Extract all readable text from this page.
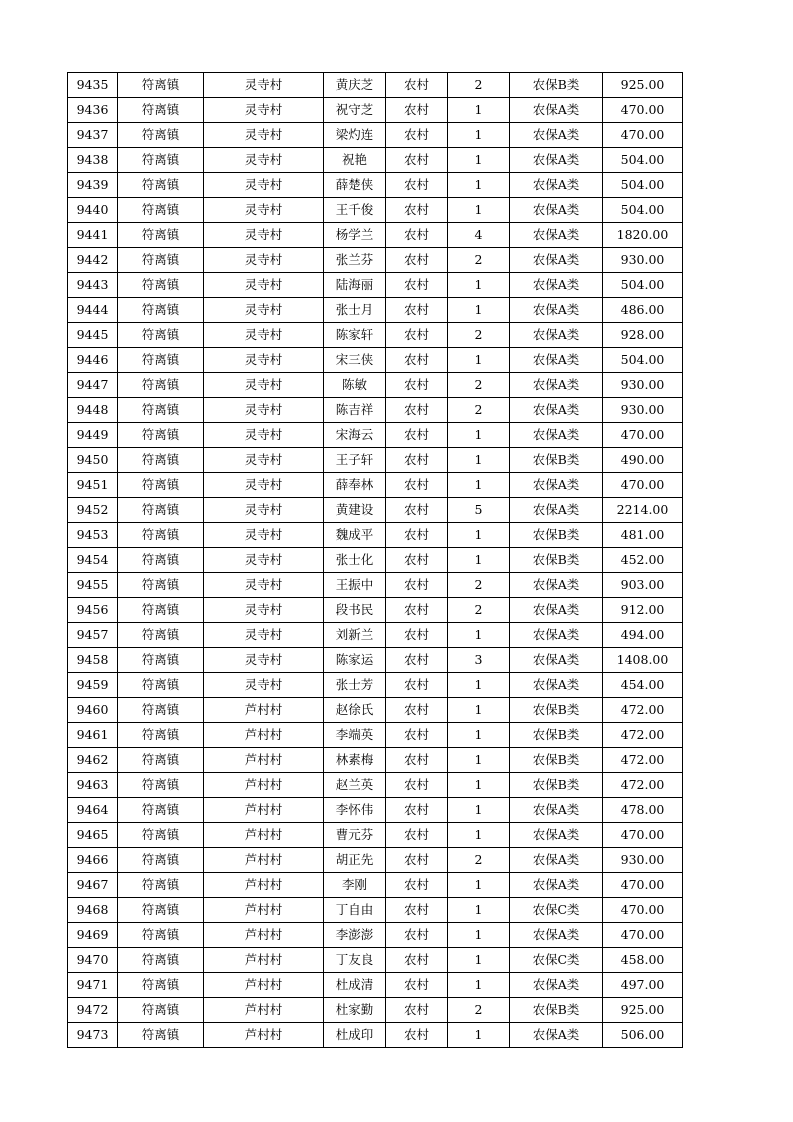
9435	符离镇	灵寺村	黄庆芝	农村	2	农保B类	925.00
9436	符离镇	灵寺村	祝守芝	农村	1	农保A类	470.00
9437	符离镇	灵寺村	梁灼连	农村	1	农保A类	470.00
9438	符离镇	灵寺村	祝艳	农村	1	农保A类	504.00
9439	符离镇	灵寺村	薛楚侠	农村	1	农保A类	504.00
9440	符离镇	灵寺村	王千俊	农村	1	农保A类	504.00
9441	符离镇	灵寺村	杨学兰	农村	4	农保A类	1820.00
9442	符离镇	灵寺村	张兰芬	农村	2	农保A类	930.00
9443	符离镇	灵寺村	陆海丽	农村	1	农保A类	504.00
9444	符离镇	灵寺村	张士月	农村	1	农保A类	486.00
9445	符离镇	灵寺村	陈家轩	农村	2	农保A类	928.00
9446	符离镇	灵寺村	宋三侠	农村	1	农保A类	504.00
9447	符离镇	灵寺村	陈敏	农村	2	农保A类	930.00
9448	符离镇	灵寺村	陈吉祥	农村	2	农保A类	930.00
9449	符离镇	灵寺村	宋海云	农村	1	农保A类	470.00
9450	符离镇	灵寺村	王子轩	农村	1	农保B类	490.00
9451	符离镇	灵寺村	薛奉林	农村	1	农保A类	470.00
9452	符离镇	灵寺村	黄建设	农村	5	农保A类	2214.00
9453	符离镇	灵寺村	魏成平	农村	1	农保B类	481.00
9454	符离镇	灵寺村	张士化	农村	1	农保B类	452.00
9455	符离镇	灵寺村	王振中	农村	2	农保A类	903.00
9456	符离镇	灵寺村	段书民	农村	2	农保A类	912.00
9457	符离镇	灵寺村	刘新兰	农村	1	农保A类	494.00
9458	符离镇	灵寺村	陈家运	农村	3	农保A类	1408.00
9459	符离镇	灵寺村	张士芳	农村	1	农保A类	454.00
9460	符离镇	芦村村	赵徐氏	农村	1	农保B类	472.00
9461	符离镇	芦村村	李端英	农村	1	农保B类	472.00
9462	符离镇	芦村村	林素梅	农村	1	农保B类	472.00
9463	符离镇	芦村村	赵兰英	农村	1	农保B类	472.00
9464	符离镇	芦村村	李怀伟	农村	1	农保A类	478.00
9465	符离镇	芦村村	曹元芬	农村	1	农保A类	470.00
9466	符离镇	芦村村	胡正先	农村	2	农保A类	930.00
9467	符离镇	芦村村	李刚	农村	1	农保A类	470.00
9468	符离镇	芦村村	丁自由	农村	1	农保C类	470.00
9469	符离镇	芦村村	李澎澎	农村	1	农保A类	470.00
9470	符离镇	芦村村	丁友良	农村	1	农保C类	458.00
9471	符离镇	芦村村	杜成清	农村	1	农保A类	497.00
9472	符离镇	芦村村	杜家勤	农村	2	农保B类	925.00
9473	符离镇	芦村村	杜成印	农村	1	农保A类	506.00
